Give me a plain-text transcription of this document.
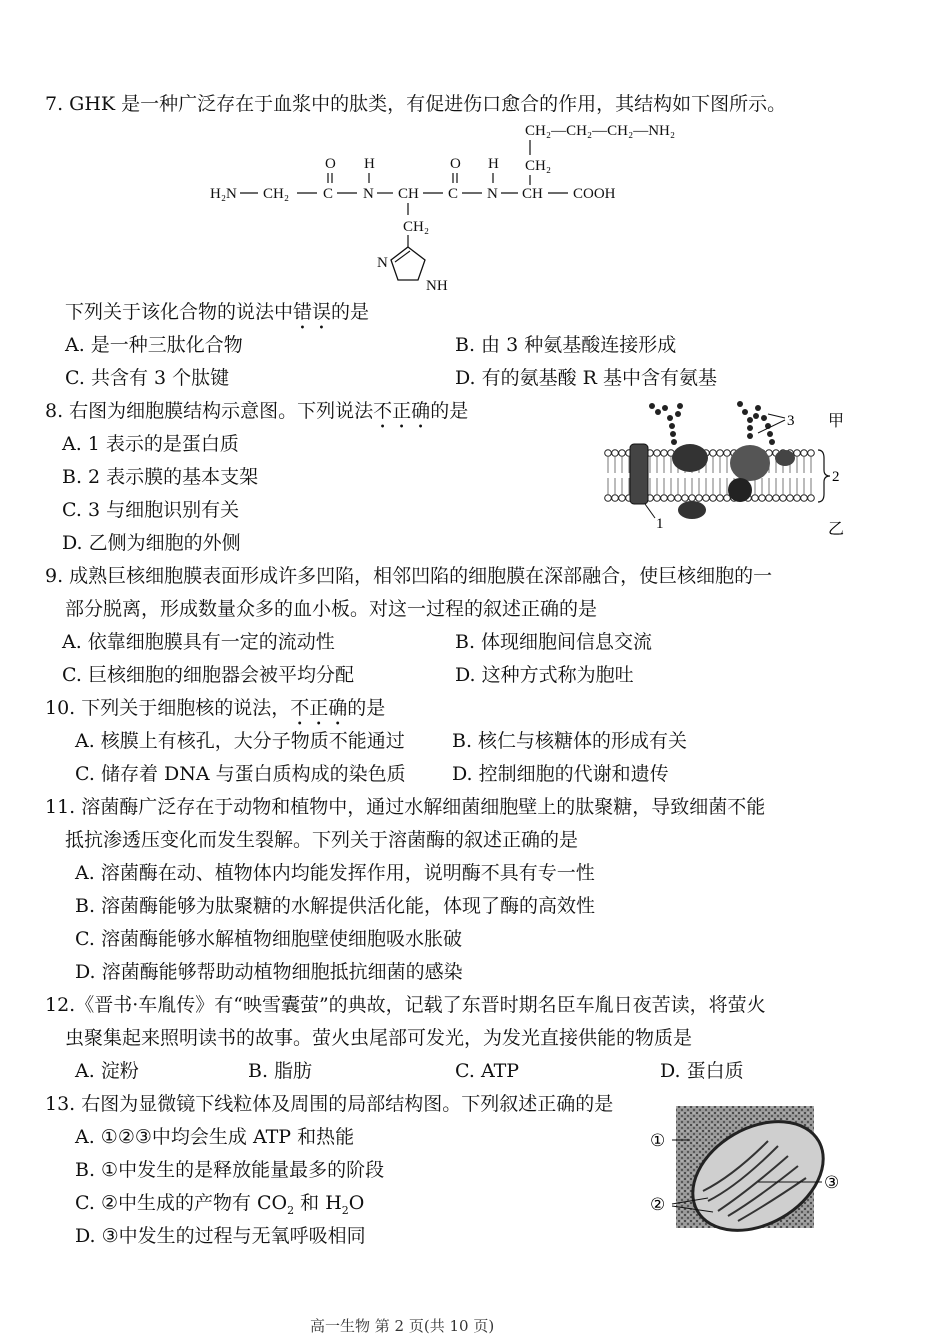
7. GHK 是一种广泛存在于血浆中的肽类，有促进伤口愈合的作用，其结构如下图所示。
CH₂—CH₂—CH₂—NH₂
CH₂
O H	O H
H₂N CH₂ C N CH C N CH COOH
CH₂
N
NH
下列关于该化合物的说法中错误的是
A. 是一种三肽化合物	B. 由 3 种氨基酸连接形成
C. 共含有 3 个肽键	D. 有的氨基酸 R 基中含有氨基
8. 右图为细胞膜结构示意图。下列说法不正确的是
A. 1 表示的是蛋白质
B. 2 表示膜的基本支架
C. 3 与细胞识别有关
D. 乙侧为细胞的外侧
3 甲
2
1	乙
9. 成熟巨核细胞膜表面形成许多凹陷，相邻凹陷的细胞膜在深部融合，使巨核细胞的一
部分脱离，形成数量众多的血小板。对这一过程的叙述正确的是
A. 依靠细胞膜具有一定的流动性	B. 体现细胞间信息交流
C. 巨核细胞的细胞器会被平均分配	D. 这种方式称为胞吐
10. 下列关于细胞核的说法，不正确的是
A. 核膜上有核孔，大分子物质不能通过 B. 核仁与核糖体的形成有关
C. 储存着 DNA 与蛋白质构成的染色质 D. 控制细胞的代谢和遗传
11. 溶菌酶广泛存在于动物和植物中，通过水解细菌细胞壁上的肽聚糖，导致细菌不能
抵抗渗透压变化而发生裂解。下列关于溶菌酶的叙述正确的是
A. 溶菌酶在动、植物体内均能发挥作用，说明酶不具有专一性
B. 溶菌酶能够为肽聚糖的水解提供活化能，体现了酶的高效性
C. 溶菌酶能够水解植物细胞壁使细胞吸水胀破
D. 溶菌酶能够帮助动植物细胞抵抗细菌的感染
12.《晋书·车胤传》有“映雪囊萤”的典故，记载了东晋时期名臣车胤日夜苦读，将萤火
虫聚集起来照明读书的故事。萤火虫尾部可发光，为发光直接供能的物质是
A. 淀粉	B. 脂肪	C. ATP	D. 蛋白质
13. 右图为显微镜下线粒体及周围的局部结构图。下列叙述正确的是
A. ①②③中均会生成 ATP 和热能
B. ①中发生的是释放能量最多的阶段
C. ②中生成的产物有 $CO_2$ 和 $H_2O$
D. ③中发生的过程与无氧呼吸相同
①
②
③
高一生物 第 2 页(共 10 页)
